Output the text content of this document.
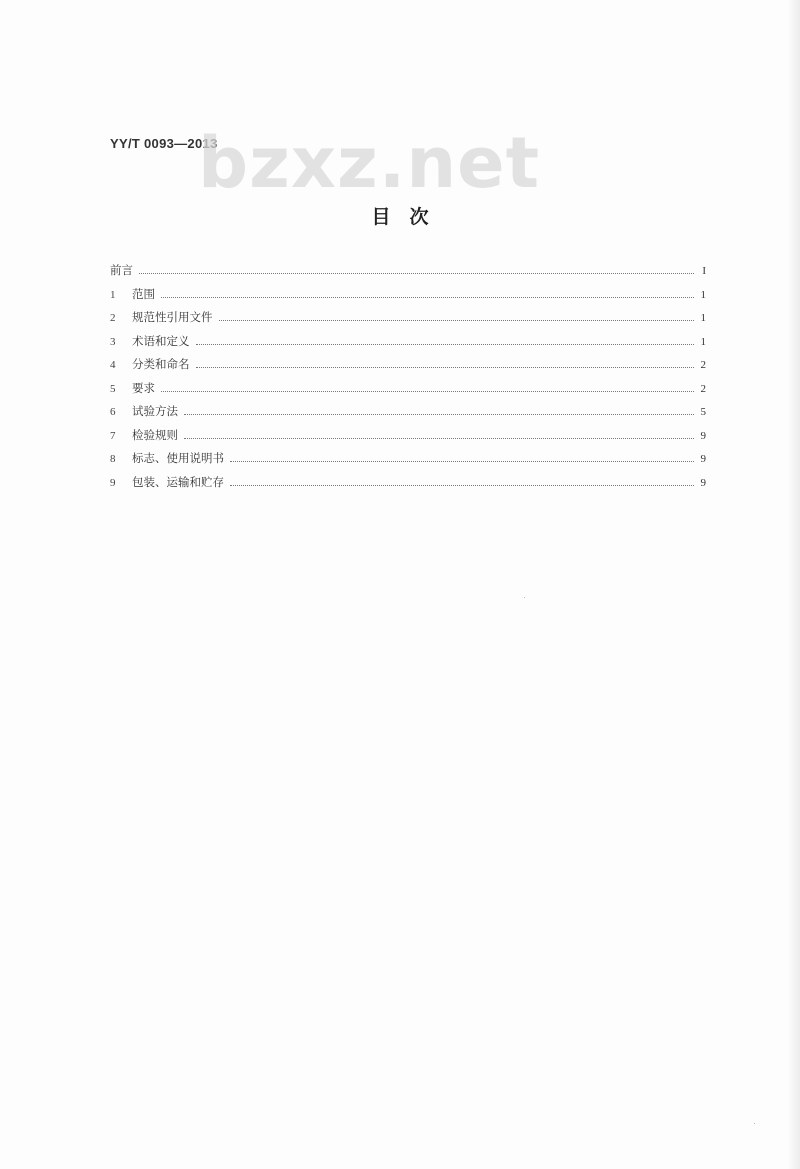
YY/T 0093—2013
bzxz.net
目　次
前言	I
1	范围	1
2	规范性引用文件	1
3	术语和定义	1
4	分类和命名	2
5	要求	2
6	试验方法	5
7	检验规则	9
8	标志、使用说明书	9
9	包装、运输和贮存	9
